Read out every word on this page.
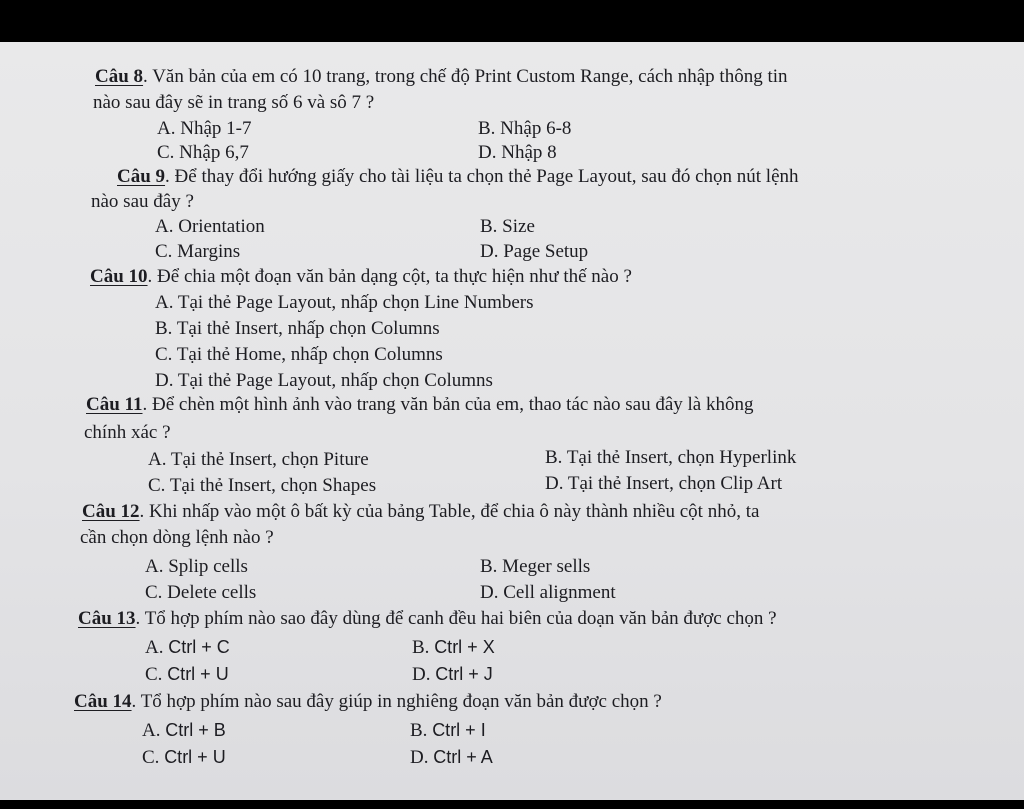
Câu 8. Văn bản của em có 10 trang, trong chế độ Print Custom Range, cách nhập thông tin
nào sau đây sẽ in trang số 6 và sô 7 ?
A. Nhập 1-7	B. Nhập 6-8
C. Nhập 6,7	D. Nhập 8
Câu 9. Để thay đổi hướng giấy cho tài liệu ta chọn thẻ Page Layout, sau đó chọn nút lệnh
nào sau đây ?
A. Orientation	B. Size
C. Margins	D. Page Setup
Câu 10. Để chia một đoạn văn bản dạng cột, ta thực hiện như thế nào ?
A. Tại thẻ Page Layout, nhấp chọn Line Numbers
B. Tại thẻ Insert, nhấp chọn Columns
C. Tại thẻ Home, nhấp chọn Columns
D. Tại thẻ Page Layout, nhấp chọn Columns
Câu 11. Để chèn một hình ảnh vào trang văn bản của em, thao tác nào sau đây là không
chính xác ?
A. Tại thẻ Insert, chọn Piture	B. Tại thẻ Insert, chọn Hyperlink
C. Tại thẻ Insert, chọn Shapes	D. Tại thẻ Insert, chọn Clip Art
Câu 12. Khi nhấp vào một ô bất kỳ của bảng Table, để chia ô này thành nhiều cột nhỏ, ta
cần chọn dòng lệnh nào ?
A. Splip cells	B. Meger sells
C. Delete cells	D. Cell alignment
Câu 13. Tổ hợp phím nào sao đây dùng để canh đều hai biên của doạn văn bản được chọn ?
A. Ctrl + C	B. Ctrl + X
C. Ctrl + U	D. Ctrl + J
Câu 14. Tổ hợp phím nào sau đây giúp in nghiêng đoạn văn bản được chọn ?
A. Ctrl + B	B. Ctrl + I
C. Ctrl + U	D. Ctrl + A
